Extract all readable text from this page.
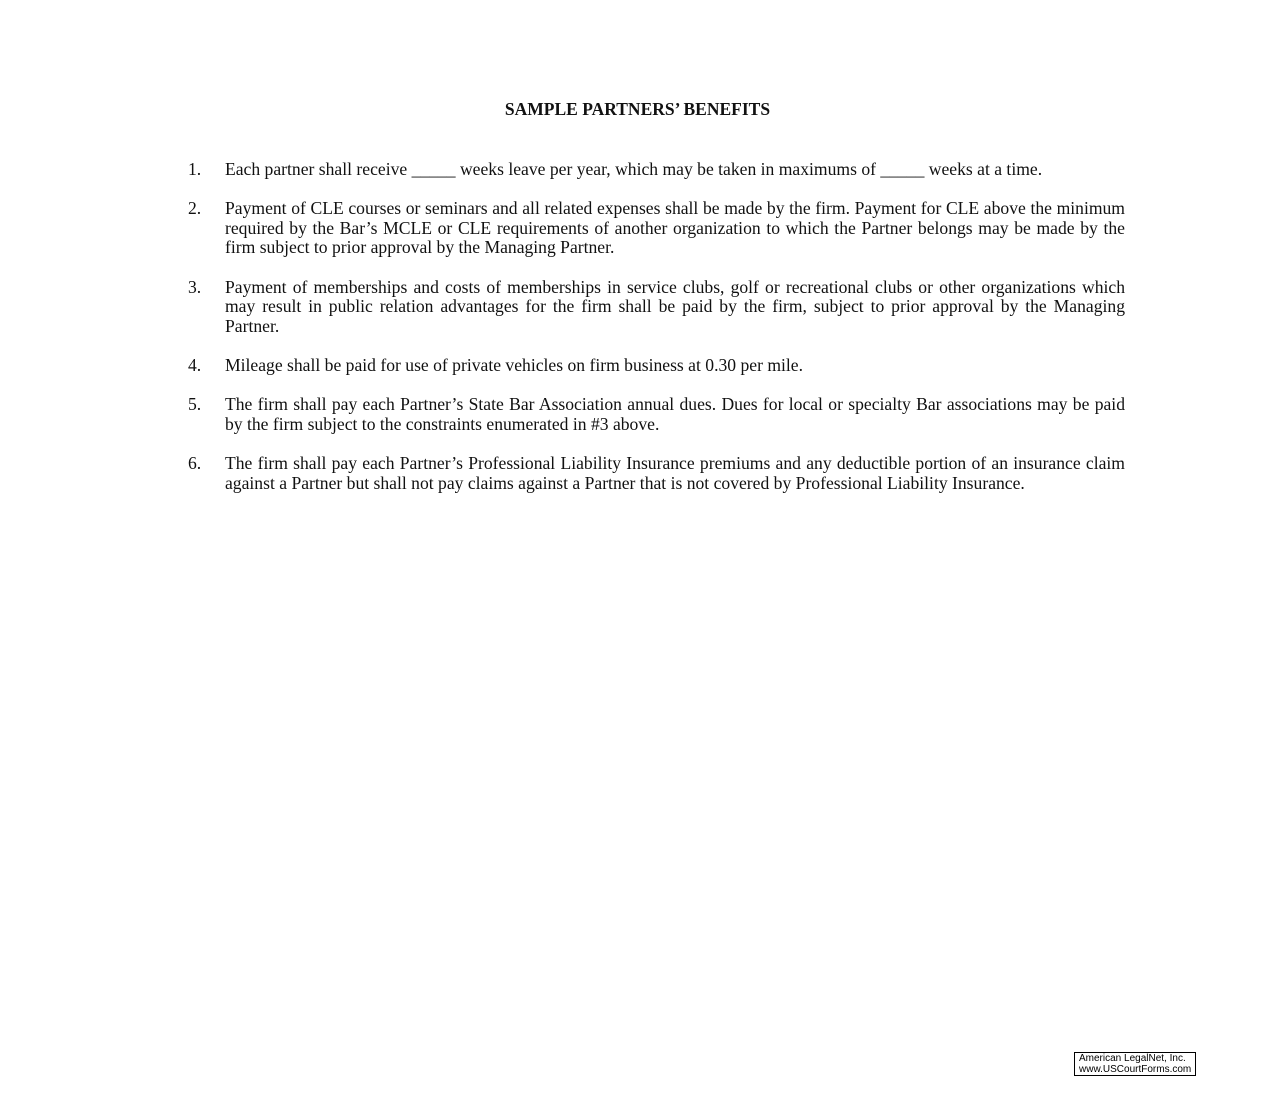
SAMPLE PARTNERS’ BENEFITS
1. Each partner shall receive _____ weeks leave per year, which may be taken in maximums of _____ weeks at a time.
2. Payment of CLE courses or seminars and all related expenses shall be made by the firm. Payment for CLE above the minimum required by the Bar’s MCLE or CLE requirements of another organization to which the Partner belongs may be made by the firm subject to prior approval by the Managing Partner.
3. Payment of memberships and costs of memberships in service clubs, golf or recreational clubs or other organizations which may result in public relation advantages for the firm shall be paid by the firm, subject to prior approval by the Managing Partner.
4. Mileage shall be paid for use of private vehicles on firm business at 0.30 per mile.
5. The firm shall pay each Partner’s State Bar Association annual dues. Dues for local or specialty Bar associations may be paid by the firm subject to the constraints enumerated in #3 above.
6. The firm shall pay each Partner’s Professional Liability Insurance premiums and any deductible portion of an insurance claim against a Partner but shall not pay claims against a Partner that is not covered by Professional Liability Insurance.
American LegalNet, Inc.
www.USCourtForms.com
